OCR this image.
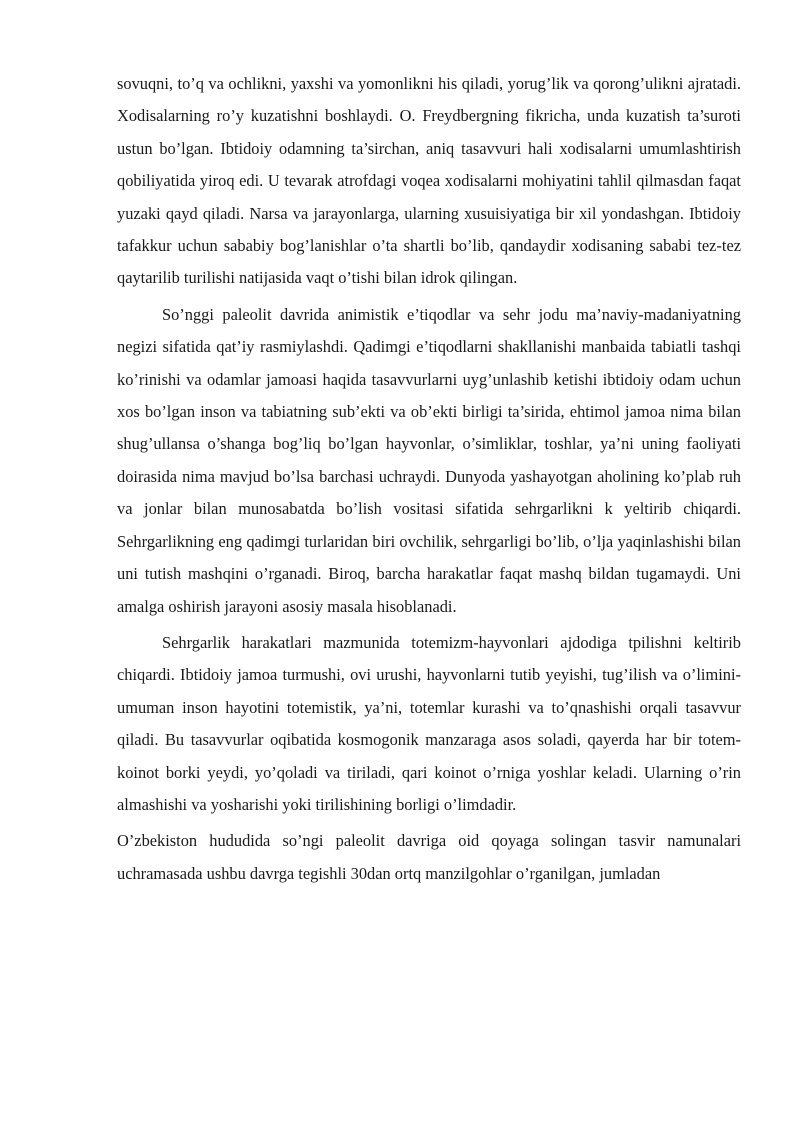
sovuqni, to’q va ochlikni, yaxshi va yomonlikni his qiladi, yorug’lik va qorong’ulikni ajratadi. Xodisalarning ro’y kuzatishni boshlaydi. O. Freydbergning fikricha, unda kuzatish ta’suroti ustun bo’lgan. Ibtidoiy odamning ta’sirchan, aniq tasavvuri hali xodisalarni umumlashtirish qobiliyatida yiroq edi. U tevarak atrofdagi voqea xodisalarni mohiyatini tahlil qilmasdan faqat yuzaki qayd qiladi. Narsa va jarayonlarga, ularning xusuisiyatiga bir xil yondashgan. Ibtidoiy tafakkur uchun sababiy bog’lanishlar o’ta shartli bo’lib, qandaydir xodisaning sababi tez-tez qaytarilib turilishi natijasida vaqt o’tishi bilan idrok qilingan.

So’nggi paleolit davrida animistik e’tiqodlar va sehr jodu ma’naviy-madaniyatning negizi sifatida qat’iy rasmiylashdi. Qadimgi e’tiqodlarni shakllanishi manbaida tabiatli tashqi ko’rinishi va odamlar jamoasi haqida tasavvurlarni uyg’unlashib ketishi ibtidoiy odam uchun xos bo’lgan inson va tabiatning sub’ekti va ob’ekti birligi ta’sirida, ehtimol jamoa nima bilan shug’ullansa o’shanga bog’liq bo’lgan hayvonlar, o’simliklar, toshlar, ya’ni uning faoliyati doirasida nima mavjud bo’lsa barchasi uchraydi. Dunyoda yashayotgan aholining ko’plab ruh va jonlar bilan munosabatda bo’lish vositasi sifatida sehrgarlikni k yeltirib chiqardi. Sehrgarlikning eng qadimgi turlaridan biri ovchilik, sehrgarligi bo’lib, o’lja yaqinlashishi bilan uni tutish mashqini o’rganadi. Biroq, barcha harakatlar faqat mashq bildan tugamaydi. Uni amalga oshirish jarayoni asosiy masala hisoblanadi.

Sehrgarlik harakatlari mazmunida totemizm-hayvonlari ajdodiga tpilishni keltirib chiqardi. Ibtidoiy jamoa turmushi, ovi urushi, hayvonlarni tutib yeyishi, tug’ilish va o’limini-umuman inson hayotini totemistik, ya’ni, totemlar kurashi va to’qnashishi orqali tasavvur qiladi. Bu tasavvurlar oqibatida kosmogonik manzaraga asos soladi, qayerda har bir totem-koinot borki yeydi, yo’qoladi va tiriladi, qari koinot o’rniga yoshlar keladi. Ularning o’rin almashishi va yosharishi yoki tirilishining borligi o’limdadir.

O’zbekiston hududida so’ngi paleolit davriga oid qoyaga solingan tasvir namunalari uchramasada ushbu davrga tegishli 30dan ortq manzilgohlar o’rganilgan, jumladan
